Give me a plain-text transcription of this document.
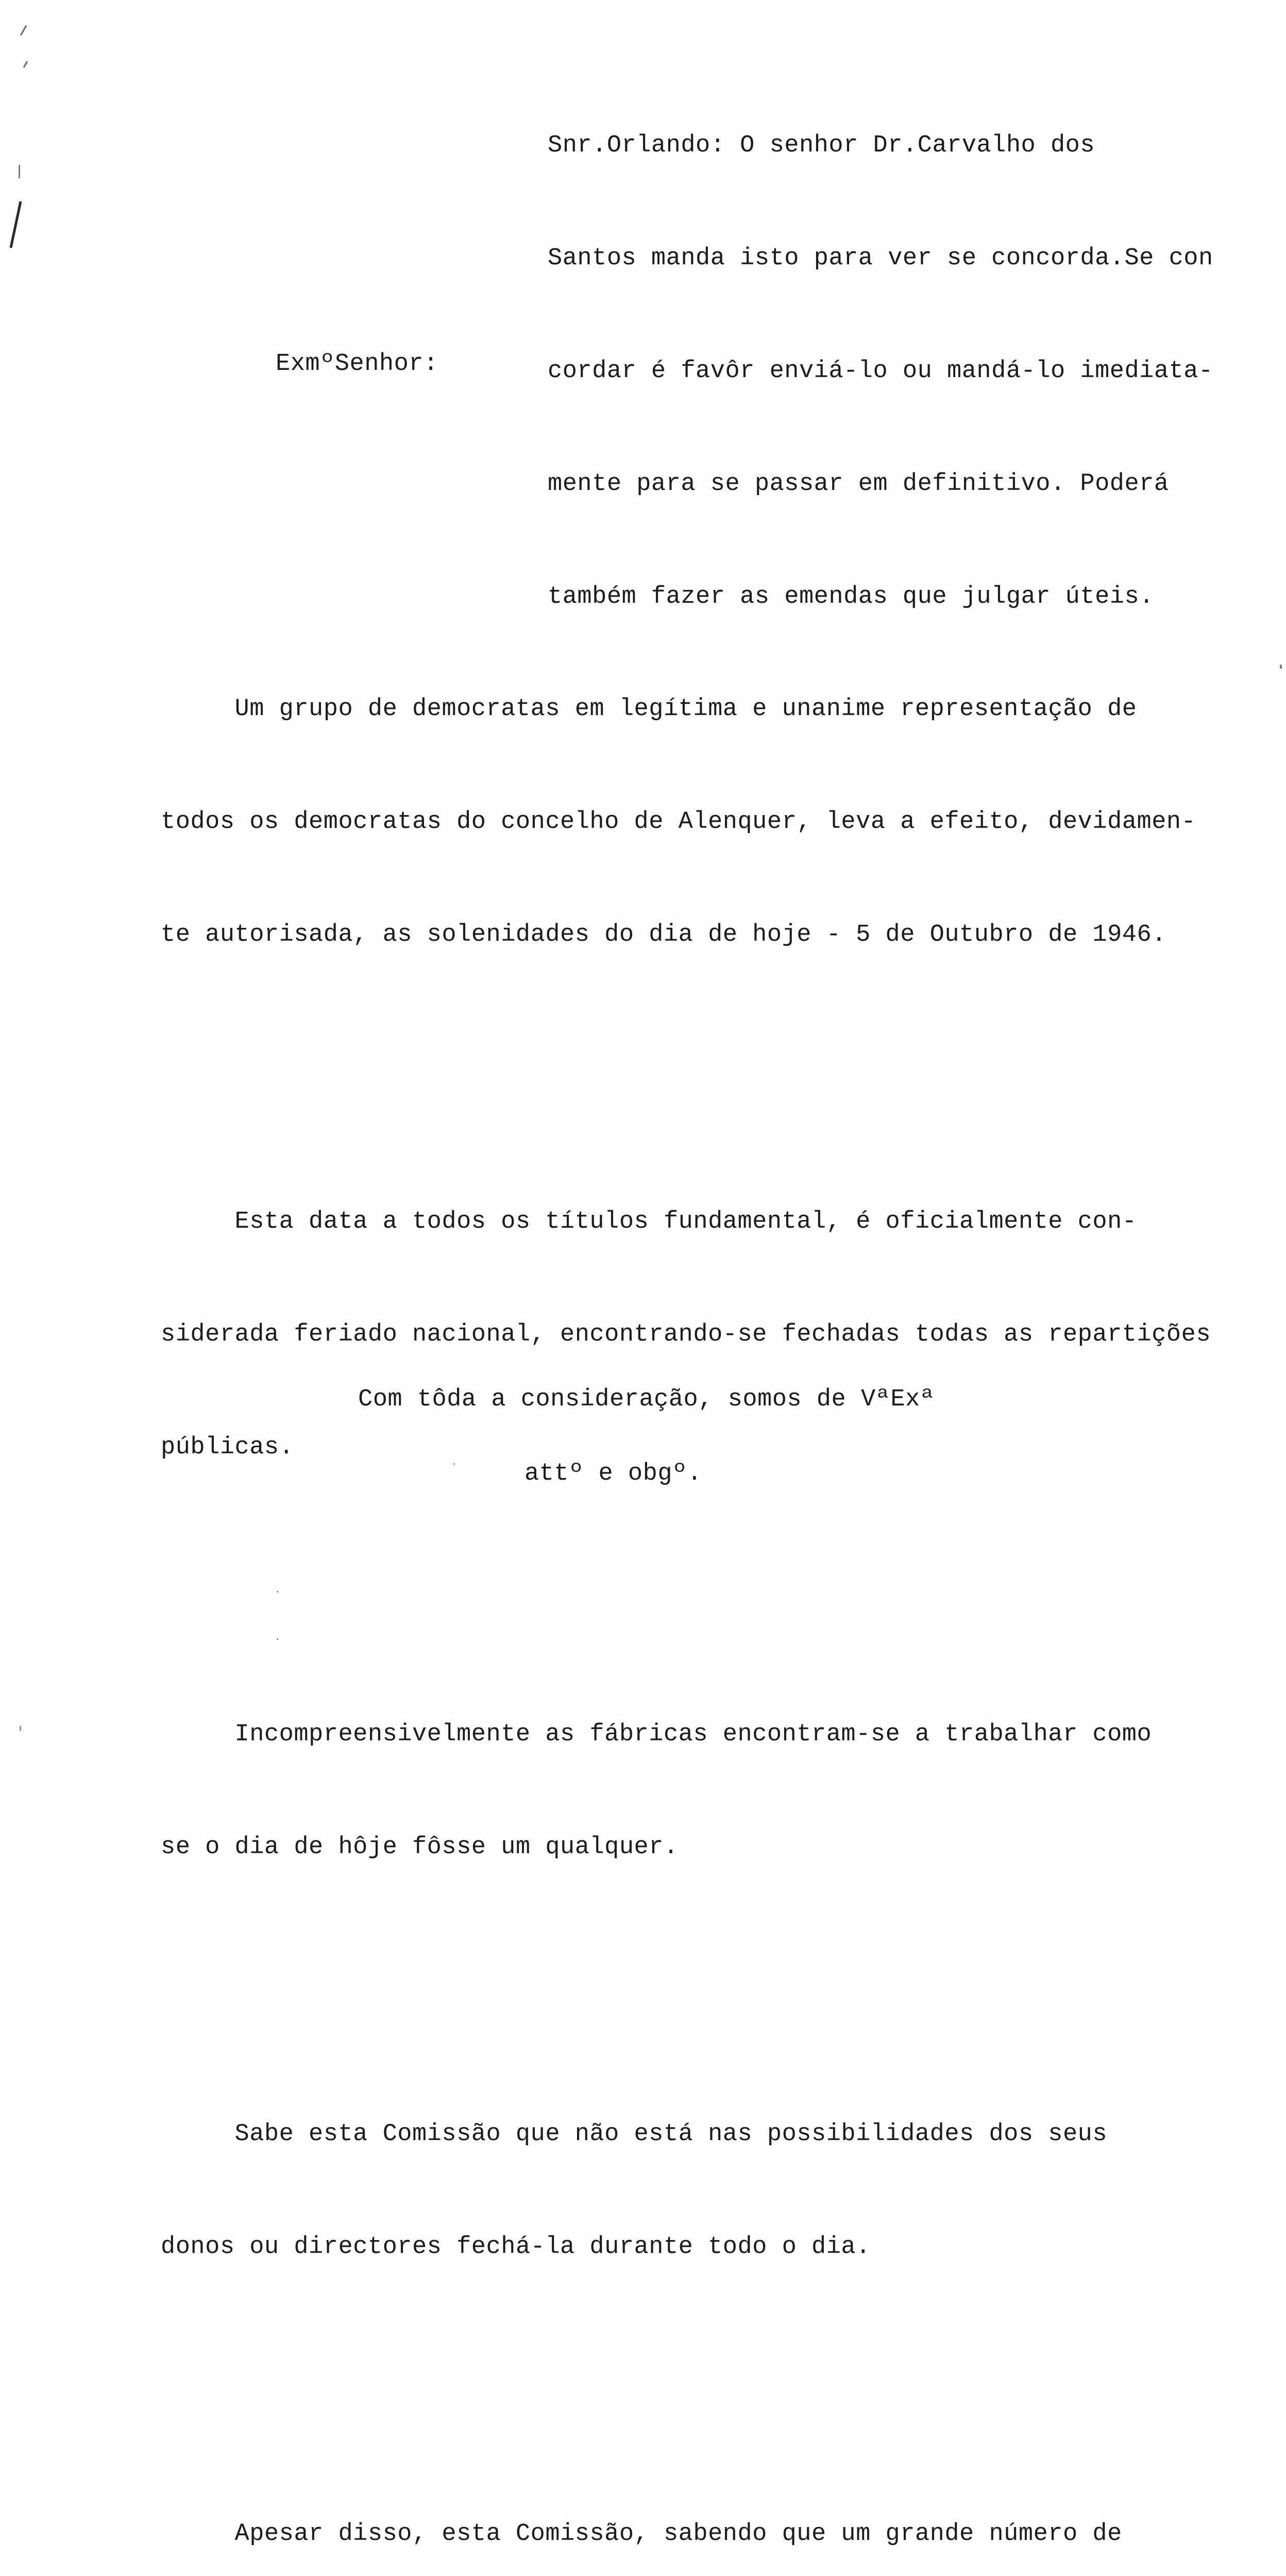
Snr.Orlando: O senhor Dr.Carvalho dos

Santos manda isto para ver se concorda.Se con

cordar é favôr enviá-lo ou mandá-lo imediata-

mente para se passar em definitivo. Poderá

também fazer as emendas que julgar úteis.

ExmºSenhor:

Um grupo de democratas em legítima e unanime representação de

todos os democratas do concelho de Alenquer, leva a efeito, devidamen-

te autorisada, as solenidades do dia de hoje - 5 de Outubro de 1946.

Esta data a todos os títulos fundamental, é oficialmente con-

siderada feriado nacional, encontrando-se fechadas todas as repartições

públicas.

Incompreensivelmente as fábricas encontram-se a trabalhar como

se o dia de hôje fôsse um qualquer.

Sabe esta Comissão que não está nas possibilidades dos seus

donos ou directores fechá-la durante todo o dia.

Apesar disso, esta Comissão, sabendo que um grande número de

Com tôda a consideração, somos de VªExª
attº e obgº.
